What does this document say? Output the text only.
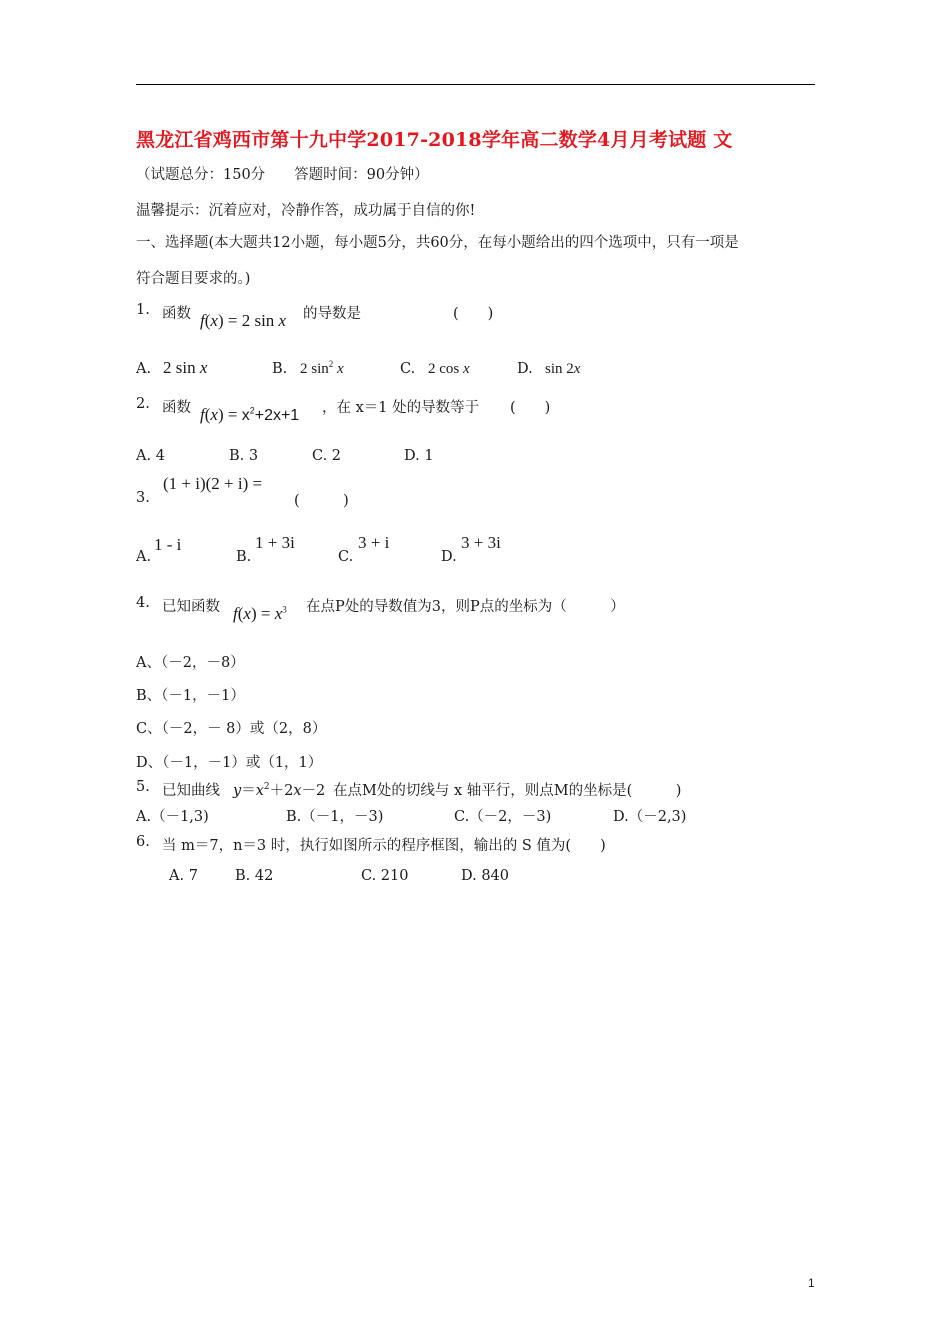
黑龙江省鸡西市第十九中学2017-2018学年高二数学4月月考试题 文
（试题总分：150分　　答题时间：90分钟）
温馨提示：沉着应对，冷静作答，成功属于自信的你!
一、选择题(本大题共12小题，每小题5分，共60分，在每小题给出的四个选项中，只有一项是
符合题目要求的。)
1. 函数 f(x) = 2 sin x 的导数是	(　　)
A. 2 sin x	B. 2 $\sin^2 x$	C. 2 cos x	D. sin 2x
2. 函数 $f(x) = x^2+2x+1$ ，在 x＝1 处的导数等于 (　　)
A. 4	B. 3	C. 2	D. 1
(1 + i)(2 + i) =
3.	(　　　)
1 - i	1 + 3i	3 + i	3 + 3i
A.	B.	C.	D.
4. 已知函数 $f(x) = x^3$ 在点P处的导数值为3，则P点的坐标为（　　　）
A、（－2，－8）
B、（－1，－1）
C、（－2，－ 8）或（2，8）
D、（－1，－1）或（1，1）
5. 已知曲线 $y=x^2+2x-2$ 在点M处的切线与 x 轴平行，则点M的坐标是(　　　)
A.（－1,3)	B.（－1，－3)	C.（－2，－3)	D.（－2,3)
6. 当 m＝7，n＝3 时，执行如图所示的程序框图，输出的 S 值为(　　)
A. 7	B. 42	C. 210	D. 840
1
